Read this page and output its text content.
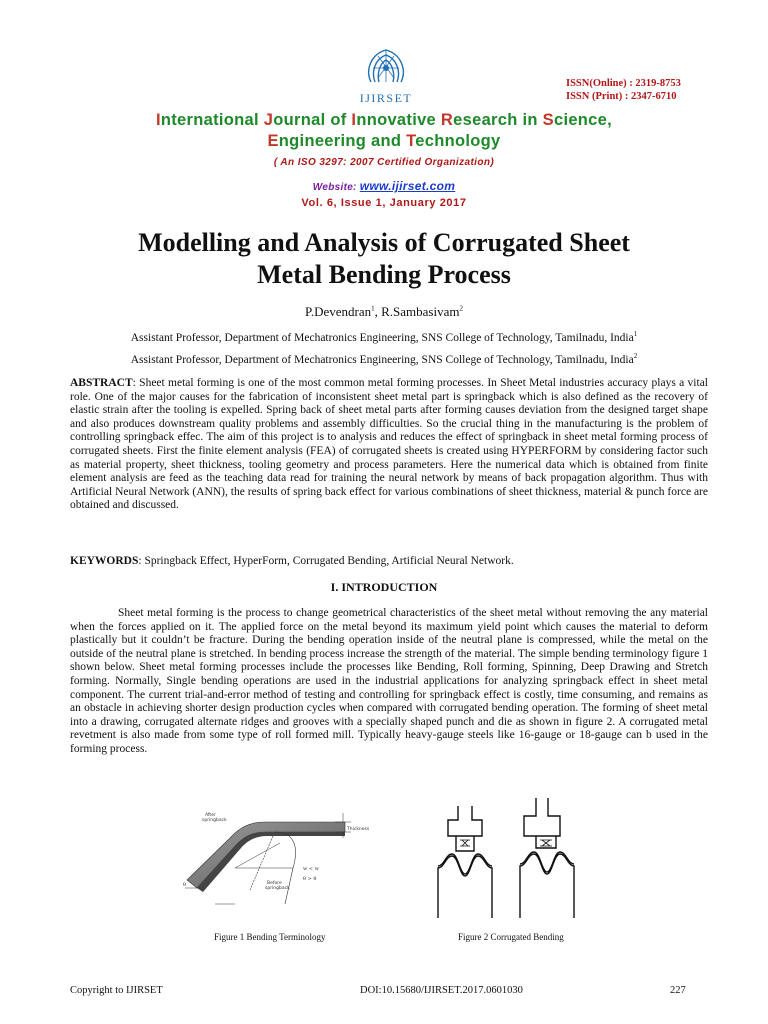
IJIRSET
ISSN(Online) : 2319-8753
ISSN (Print) : 2347-6710
International Journal of Innovative Research in Science,
Engineering and Technology
( An ISO 3297: 2007 Certified Organization)
Website: www.ijirset.com
Vol. 6, Issue 1, January 2017
Modelling and Analysis of Corrugated Sheet
Metal Bending Process
P.Devendran$^1$, R.Sambasivam$^2$
Assistant Professor, Department of Mechatronics Engineering, SNS College of Technology, Tamilnadu, India$^1$
Assistant Professor, Department of Mechatronics Engineering, SNS College of Technology, Tamilnadu, India$^2$
ABSTRACT: Sheet metal forming is one of the most common metal forming processes. In Sheet Metal industries accuracy plays a vital role. One of the major causes for the fabrication of inconsistent sheet metal part is springback which is also defined as the recovery of elastic strain after the tooling is expelled. Spring back of sheet metal parts after forming causes deviation from the designed target shape and also produces downstream quality problems and assembly difficulties. So the crucial thing in the manufacturing is the problem of controlling springback effec. The aim of this project is to analysis and reduces the effect of springback in sheet metal forming process of corrugated sheets. First the finite element analysis (FEA) of corrugated sheets is created using HYPERFORM by considering factor such as material property, sheet thickness, tooling geometry and process parameters. Here the numerical data which is obtained from finite element analysis are feed as the teaching data read for training the neural network by means of back propagation algorithm. Thus with Artificial Neural Network (ANN), the results of spring back effect for various combinations of sheet thickness, material & punch force are obtained and discussed.
KEYWORDS: Springback Effect, HyperForm, Corrugated Bending, Artificial Neural Network.
I. INTRODUCTION
Sheet metal forming is the process to change geometrical characteristics of the sheet metal without removing the any material when the forces applied on it. The applied force on the metal beyond its maximum yield point which causes the material to deform plastically but it couldn’t be fracture. During the bending operation inside of the neutral plane is compressed, while the metal on the outside of the neutral plane is stretched. In bending process increase the strength of the material. The simple bending terminology figure 1 shown below. Sheet metal forming processes include the processes like Bending, Roll forming, Spinning, Deep Drawing and Stretch forming. Normally, Single bending operations are used in the industrial applications for analyzing springback effect in sheet metal component. The current trial-and-error method of testing and controlling for springback effect is costly, time consuming, and remains as an obstacle in achieving shorter design production cycles when compared with corrugated bending operation. The forming of sheet metal into a drawing, corrugated alternate ridges and grooves with a specially shaped punch and die as shown in figure 2. A corrugated metal revetment is also made from some type of roll formed mill. Typically heavy-gauge steels like 16-gauge or 18-gauge can b used in the forming process.
After
springback
Thickness
Before
springback
θ
w < w
θ > θ
Figure 1 Bending Terminology	Figure 2 Corrugated Bending
Copyright to IJIRSET	DOI:10.15680/IJIRSET.2017.0601030	227
